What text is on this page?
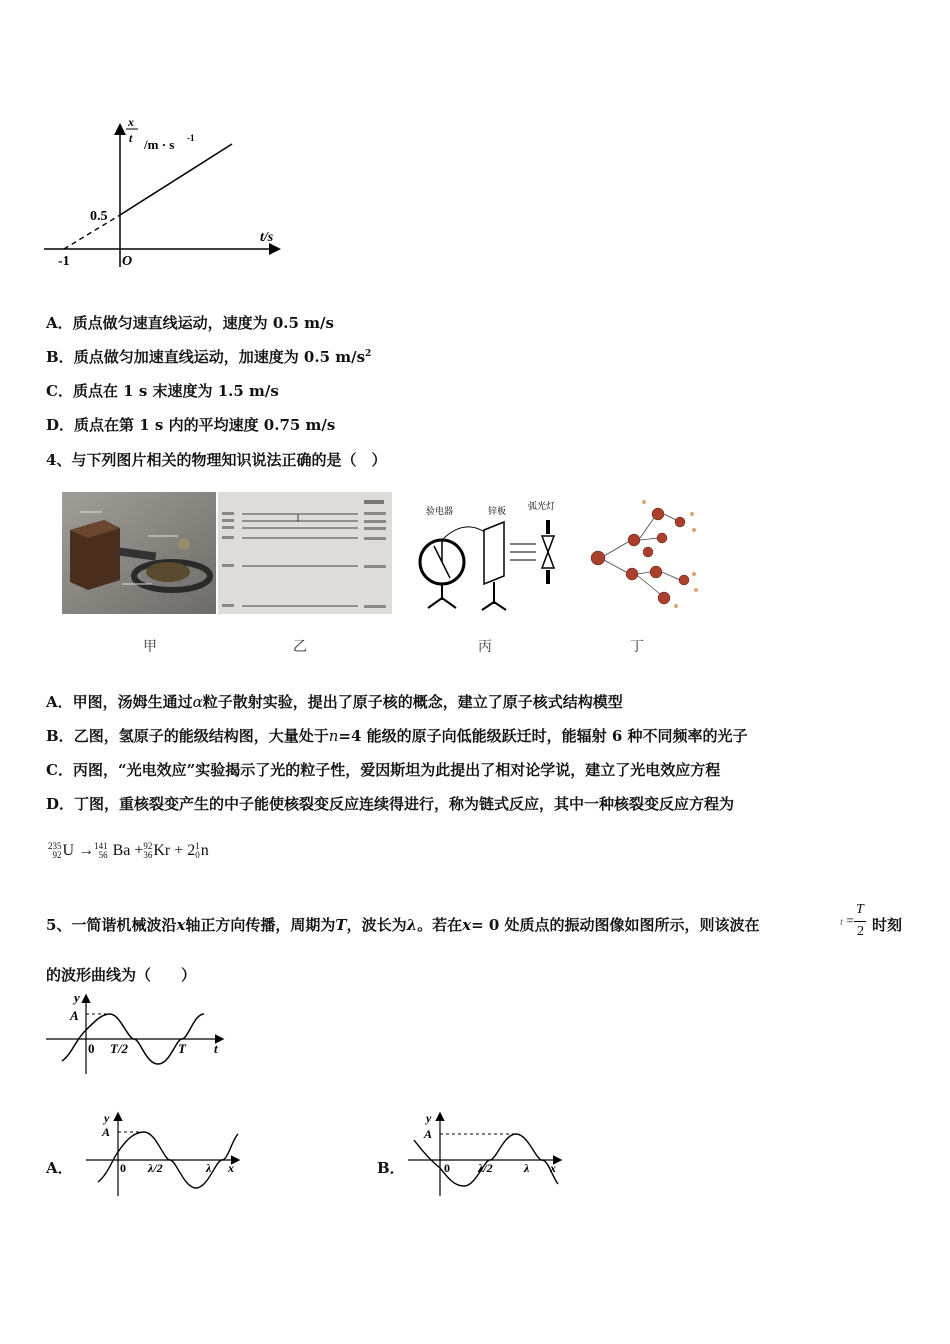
x
t /m · s -1
0.5
t/s
-1	O
A．质点做匀速直线运动，速度为 0.5 m/s
B．质点做匀加速直线运动，加速度为 0.5 $m/s^2$
C．质点在 1 s 末速度为 1.5 m/s
D．质点在第 1 s 内的平均速度 0.75 m/s
4、与下列图片相关的物理知识说法正确的是（　）
验电器	锌板 弧光灯
甲	乙	丙	丁
A．甲图，汤姆生通过α粒子散射实验，提出了原子核的概念，建立了原子核式结构模型
B．乙图，氢原子的能级结构图，大量处于n=4 能级的原子向低能级跃迁时，能辐射 6 种不同频率的光子
C．丙图，“光电效应”实验揭示了光的粒子性，爱因斯坦为此提出了相对论学说，建立了光电效应方程
D．丁图，重核裂变产生的中子能使核裂变反应连续得进行，称为链式反应，其中一种核裂变反应方程为
235
92U →141
56 Ba +92
36Kr + 21
0n
5、一简谐机械波沿x轴正方向传播，周期为T，波长为λ。若在x= 0 处质点的振动图像如图所示，则该波在	t =
T
2 时刻
的波形曲线为（　　）
y
A
0 T/2	T t
A．
y
A
0 λ/2	λ x	B．
y
A
0 λ/2	λ x
